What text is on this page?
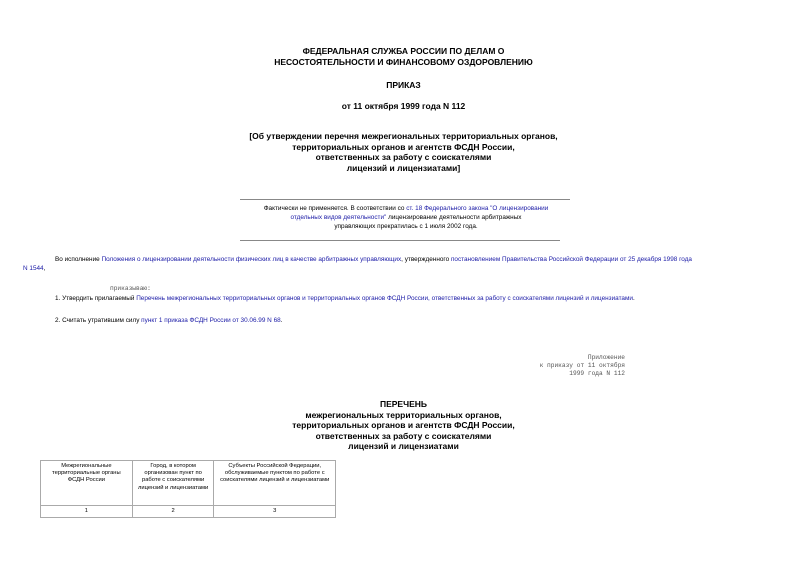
ФЕДЕРАЛЬНАЯ СЛУЖБА РОССИИ ПО ДЕЛАМ О
НЕСОСТОЯТЕЛЬНОСТИ И ФИНАНСОВОМУ ОЗДОРОВЛЕНИЮ
ПРИКАЗ
от 11 октября 1999 года N 112
[Об утверждении перечня межрегиональных территориальных органов,
территориальных органов и агентств ФСДН России,
ответственных за работу с соискателями
лицензий и лицензиатами]
Фактически не применяется. В соответствии со ст. 18 Федерального закона "О лицензировании
отдельных видов деятельности" лицензирование деятельности арбитражных
управляющих прекратилась с 1 июля 2002 года.
Во исполнение Положения о лицензировании деятельности физических лиц в качестве арбитражных управляющих, утвержденного постановлением Правительства Российской Федерации от 25 декабря 1998 года
N 1544,
приказываю:
1. Утвердить прилагаемый Перечень межрегиональных территориальных органов и территориальных органов ФСДН России, ответственных за работу с соискателями лицензий и лицензиатами.
2. Считать утратившим силу пункт 1 приказа ФСДН России от 30.06.99 N 68.
Приложение
к приказу от 11 октября
1999 года N 112
ПЕРЕЧЕНЬ
межрегиональных территориальных органов,
территориальных органов и агентств ФСДН России,
ответственных за работу с соискателями
лицензий и лицензиатами
Межрегиональные территориальные органы ФСДН России	Город, в котором организован пункт по работе с соискателями лицензий и лицензиатами	Субъекты Российской Федерации, обслуживаемые пунктом по работе с соискателями лицензий и лицензиатами
1	2	3
